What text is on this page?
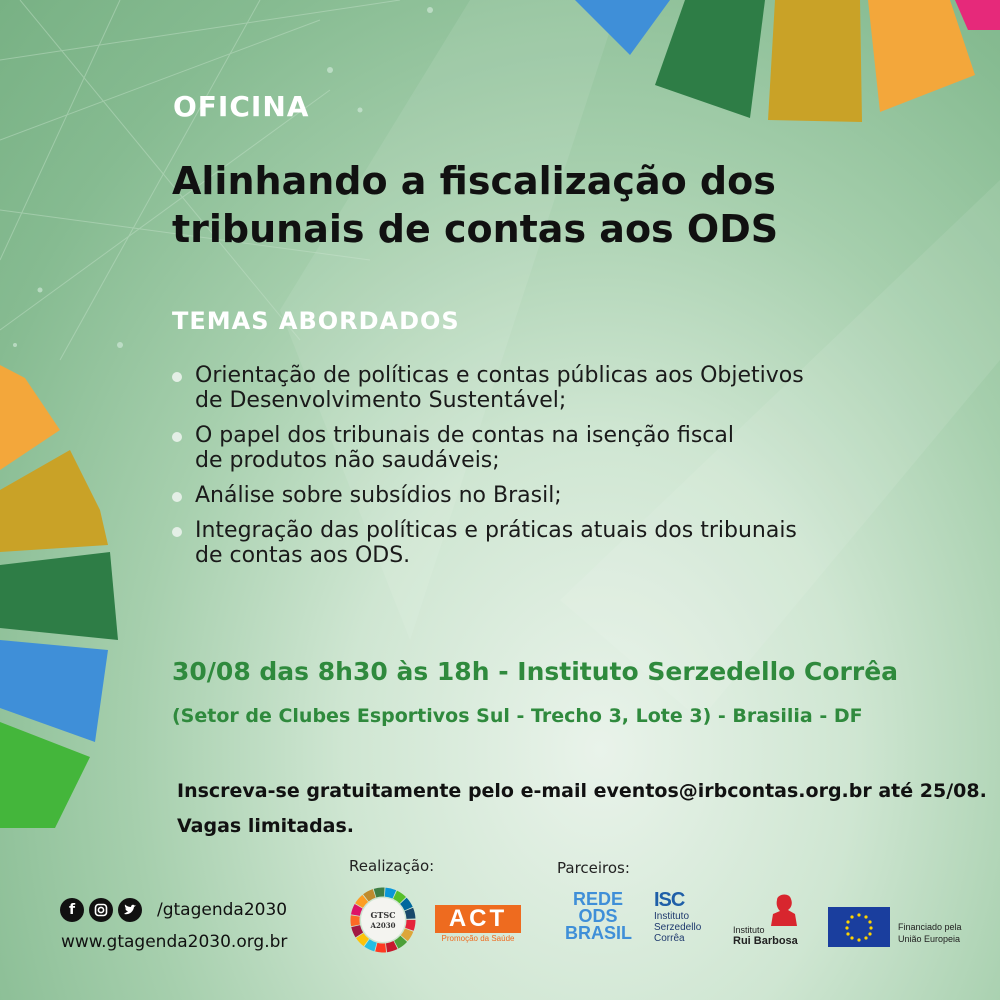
OFICINA
Alinhando a fiscalização dos
tribunais de contas aos ODS
TEMAS ABORDADOS
Orientação de políticas e contas públicas aos Objetivos
de Desenvolvimento Sustentável;
O papel dos tribunais de contas na isenção fiscal
de produtos não saudáveis;
Análise sobre subsídios no Brasil;
Integração das políticas e práticas atuais dos tribunais
de contas aos ODS.
30/08 das 8h30 às 18h - Instituto Serzedello Corrêa
(Setor de Clubes Esportivos Sul - Trecho 3, Lote 3) - Brasilia - DF
Inscreva-se gratuitamente pelo e-mail eventos@irbcontas.org.br até 25/08.
Vagas limitadas.
Realização:	Parceiros:
f	/gtagenda2030
www.gtagenda2030.org.br
GTSC
A2030	ACT
Promoção da Saúde
REDE
ODS
BRASIL
ISC
Instituto
Serzedello
Corrêa
Instituto
Rui Barbosa
Financiado pela
União Europeia
